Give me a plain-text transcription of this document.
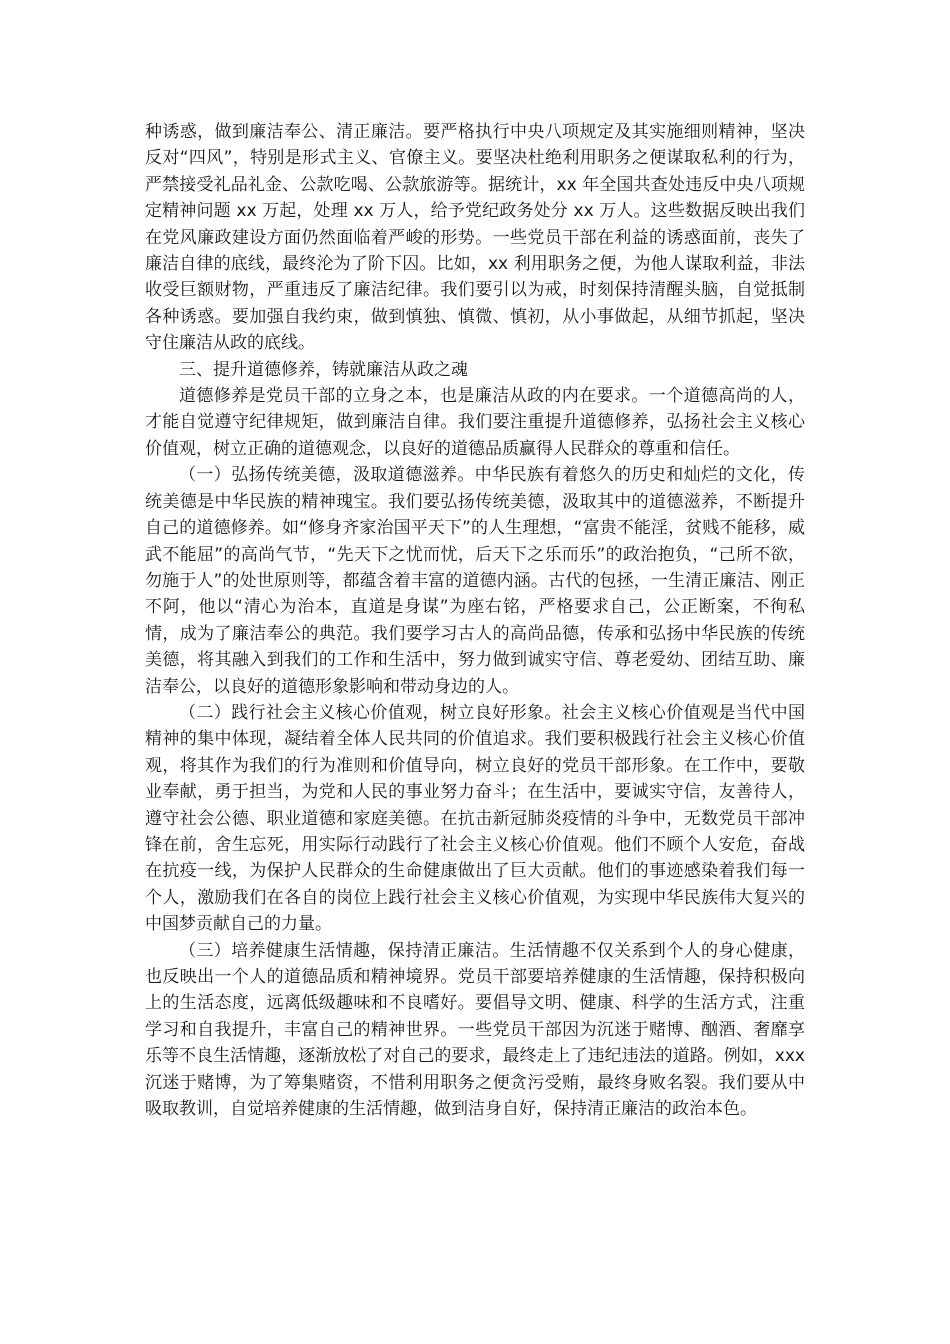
种诱惑，做到廉洁奉公、清正廉洁。要严格执行中央八项规定及其实施细则精神，坚决反对“四风”，特别是形式主义、官僚主义。要坚决杜绝利用职务之便谋取私利的行为，严禁接受礼品礼金、公款吃喝、公款旅游等。据统计，xx 年全国共查处违反中央八项规定精神问题 xx 万起，处理 xx 万人，给予党纪政务处分 xx 万人。这些数据反映出我们在党风廉政建设方面仍然面临着严峻的形势。一些党员干部在利益的诱惑面前，丧失了廉洁自律的底线，最终沦为了阶下囚。比如，xx 利用职务之便，为他人谋取利益，非法收受巨额财物，严重违反了廉洁纪律。我们要引以为戒，时刻保持清醒头脑，自觉抵制各种诱惑。要加强自我约束，做到慎独、慎微、慎初，从小事做起，从细节抓起，坚决守住廉洁从政的底线。

三、提升道德修养，铸就廉洁从政之魂

道德修养是党员干部的立身之本，也是廉洁从政的内在要求。一个道德高尚的人，才能自觉遵守纪律规矩，做到廉洁自律。我们要注重提升道德修养，弘扬社会主义核心价值观，树立正确的道德观念，以良好的道德品质赢得人民群众的尊重和信任。

（一）弘扬传统美德，汲取道德滋养。中华民族有着悠久的历史和灿烂的文化，传统美德是中华民族的精神瑰宝。我们要弘扬传统美德，汲取其中的道德滋养，不断提升自己的道德修养。如“修身齐家治国平天下”的人生理想，“富贵不能淫，贫贱不能移，威武不能屈”的高尚气节，“先天下之忧而忧，后天下之乐而乐”的政治抱负，“己所不欲，勿施于人”的处世原则等，都蕴含着丰富的道德内涵。古代的包拯，一生清正廉洁、刚正不阿，他以“清心为治本，直道是身谋”为座右铭，严格要求自己，公正断案，不徇私情，成为了廉洁奉公的典范。我们要学习古人的高尚品德，传承和弘扬中华民族的传统美德，将其融入到我们的工作和生活中，努力做到诚实守信、尊老爱幼、团结互助、廉洁奉公，以良好的道德形象影响和带动身边的人。

（二）践行社会主义核心价值观，树立良好形象。社会主义核心价值观是当代中国精神的集中体现，凝结着全体人民共同的价值追求。我们要积极践行社会主义核心价值观，将其作为我们的行为准则和价值导向，树立良好的党员干部形象。在工作中，要敬业奉献，勇于担当，为党和人民的事业努力奋斗；在生活中，要诚实守信，友善待人，遵守社会公德、职业道德和家庭美德。在抗击新冠肺炎疫情的斗争中，无数党员干部冲锋在前，舍生忘死，用实际行动践行了社会主义核心价值观。他们不顾个人安危，奋战在抗疫一线，为保护人民群众的生命健康做出了巨大贡献。他们的事迹感染着我们每一个人，激励我们在各自的岗位上践行社会主义核心价值观，为实现中华民族伟大复兴的中国梦贡献自己的力量。

（三）培养健康生活情趣，保持清正廉洁。生活情趣不仅关系到个人的身心健康，也反映出一个人的道德品质和精神境界。党员干部要培养健康的生活情趣，保持积极向上的生活态度，远离低级趣味和不良嗜好。要倡导文明、健康、科学的生活方式，注重学习和自我提升，丰富自己的精神世界。一些党员干部因为沉迷于赌博、酗酒、奢靡享乐等不良生活情趣，逐渐放松了对自己的要求，最终走上了违纪违法的道路。例如，xxx 沉迷于赌博，为了筹集赌资，不惜利用职务之便贪污受贿，最终身败名裂。我们要从中吸取教训，自觉培养健康的生活情趣，做到洁身自好，保持清正廉洁的政治本色。
